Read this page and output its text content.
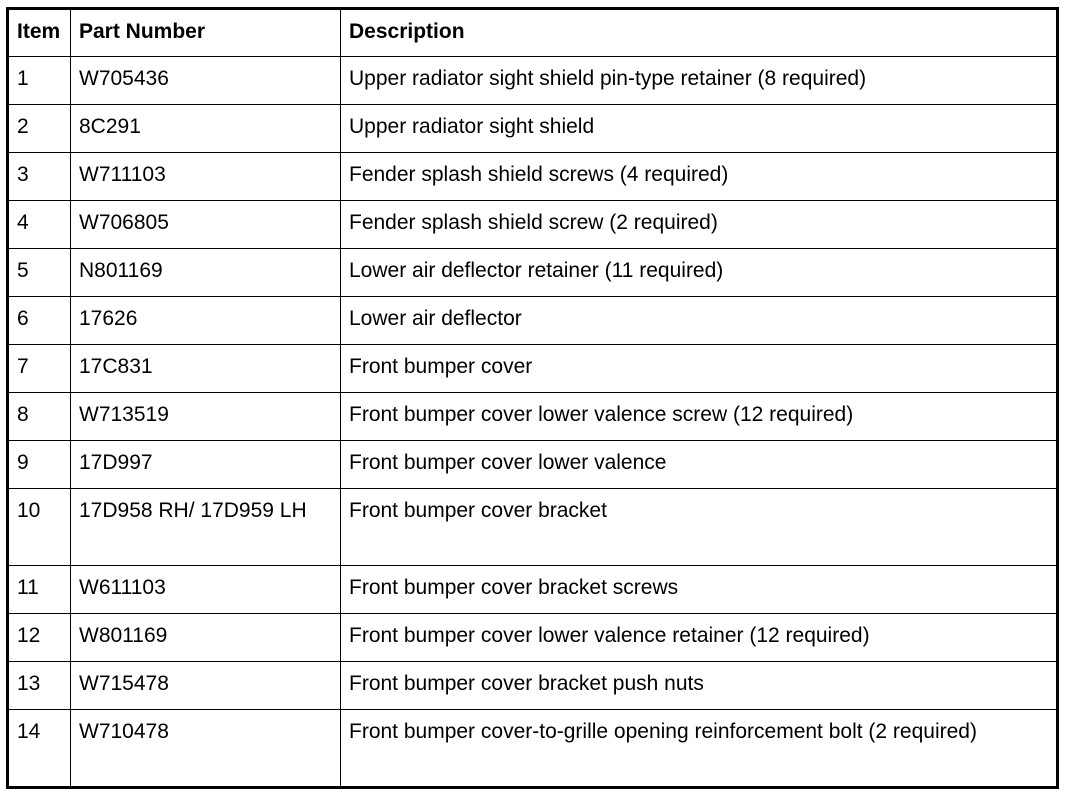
Item	Part Number	Description
1	W705436	Upper radiator sight shield pin-type retainer (8 required)
2	8C291	Upper radiator sight shield
3	W711103	Fender splash shield screws (4 required)
4	W706805	Fender splash shield screw (2 required)
5	N801169	Lower air deflector retainer (11 required)
6	17626	Lower air deflector
7	17C831	Front bumper cover
8	W713519	Front bumper cover lower valence screw (12 required)
9	17D997	Front bumper cover lower valence
10	17D958 RH/ 17D959 LH	Front bumper cover bracket
11	W611103	Front bumper cover bracket screws
12	W801169	Front bumper cover lower valence retainer (12 required)
13	W715478	Front bumper cover bracket push nuts
14	W710478	Front bumper cover-to-grille opening reinforcement bolt (2 required)
